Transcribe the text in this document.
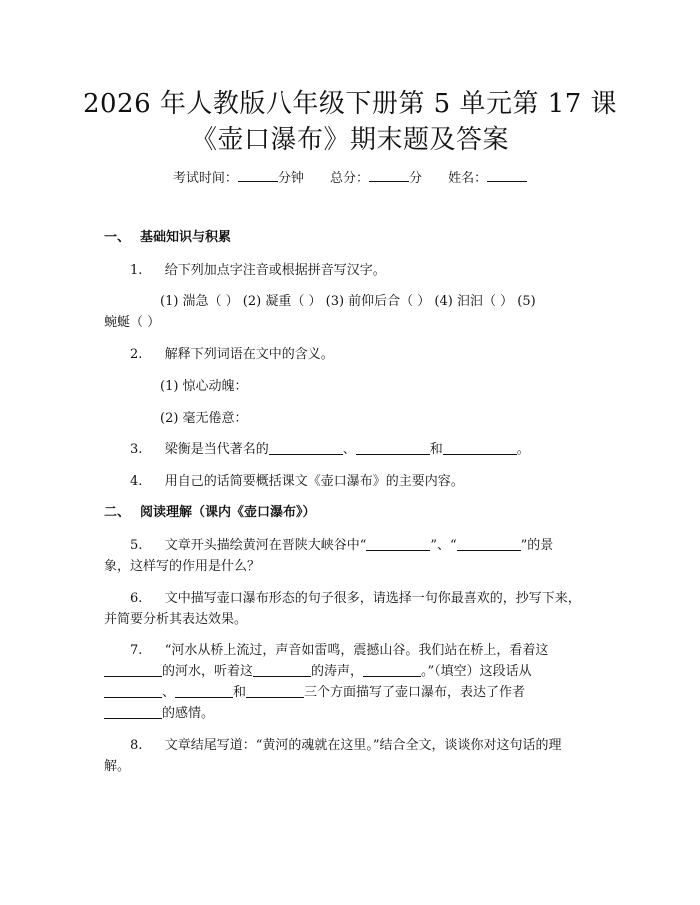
2026 年人教版八年级下册第 5 单元第 17 课
《壶口瀑布》期末题及答案
考试时间：	分钟 总分：	分 姓名：
一、 基础知识与积累
1. 给下列加点字注音或根据拼音写汉字。
(1) 湍急（ ） (2) 凝重（ ） (3) 前仰后合（ ） (4) 汩汩（ ） (5)
蜿蜒（ ）
2. 解释下列词语在文中的含义。
(1) 惊心动魄：
(2) 毫无倦意：
3. 梁衡是当代著名的	、	和	。
4. 用自己的话简要概括课文《壶口瀑布》的主要内容。
二、 阅读理解（课内《壶口瀑布》）
5. 文章开头描绘黄河在晋陕大峡谷中“	”、“	”的景
象，这样写的作用是什么？
6. 文中描写壶口瀑布形态的句子很多，请选择一句你最喜欢的，抄写下来，
并简要分析其表达效果。
7. “河水从桥上流过，声音如雷鸣，震撼山谷。我们站在桥上，看着这
的河水，听着这	的涛声，	。”（填空）这段话从
、	和	三个方面描写了壶口瀑布，表达了作者
的感情。
8. 文章结尾写道：“黄河的魂就在这里。”结合全文，谈谈你对这句话的理
解。
